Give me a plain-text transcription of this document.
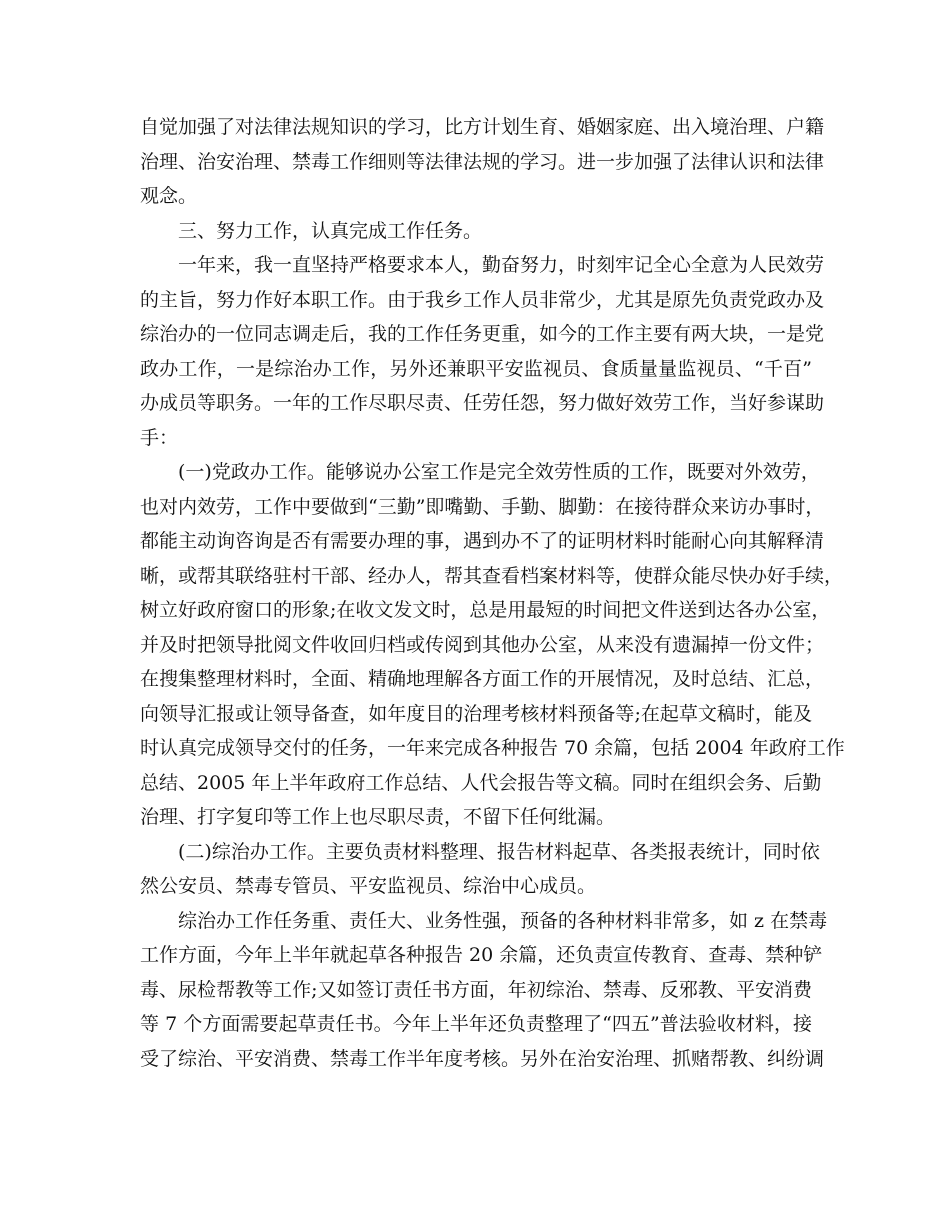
自觉加强了对法律法规知识的学习，比方计划生育、婚姻家庭、出入境治理、户籍
治理、治安治理、禁毒工作细则等法律法规的学习。进一步加强了法律认识和法律
观念。
三、努力工作，认真完成工作任务。
一年来，我一直坚持严格要求本人，勤奋努力，时刻牢记全心全意为人民效劳
的主旨，努力作好本职工作。由于我乡工作人员非常少，尤其是原先负责党政办及
综治办的一位同志调走后，我的工作任务更重，如今的工作主要有两大块，一是党
政办工作，一是综治办工作，另外还兼职平安监视员、食质量量监视员、“千百”
办成员等职务。一年的工作尽职尽责、任劳任怨，努力做好效劳工作，当好参谋助
手：
(一)党政办工作。能够说办公室工作是完全效劳性质的工作，既要对外效劳，
也对内效劳，工作中要做到“三勤”即嘴勤、手勤、脚勤：在接待群众来访办事时，
都能主动询咨询是否有需要办理的事，遇到办不了的证明材料时能耐心向其解释清
晰，或帮其联络驻村干部、经办人，帮其查看档案材料等，使群众能尽快办好手续，
树立好政府窗口的形象;在收文发文时，总是用最短的时间把文件送到达各办公室，
并及时把领导批阅文件收回归档或传阅到其他办公室，从来没有遗漏掉一份文件；
在搜集整理材料时，全面、精确地理解各方面工作的开展情况，及时总结、汇总，
向领导汇报或让领导备查，如年度目的治理考核材料预备等;在起草文稿时，能及
时认真完成领导交付的任务，一年来完成各种报告 70 余篇，包括 2004 年政府工作
总结、2005 年上半年政府工作总结、人代会报告等文稿。同时在组织会务、后勤
治理、打字复印等工作上也尽职尽责，不留下任何纰漏。
(二)综治办工作。主要负责材料整理、报告材料起草、各类报表统计，同时依
然公安员、禁毒专管员、平安监视员、综治中心成员。
综治办工作任务重、责任大、业务性强，预备的各种材料非常多，如 z 在禁毒
工作方面，今年上半年就起草各种报告 20 余篇，还负责宣传教育、查毒、禁种铲
毒、尿检帮教等工作;又如签订责任书方面，年初综治、禁毒、反邪教、平安消费
等 7 个方面需要起草责任书。今年上半年还负责整理了“四五”普法验收材料，接
受了综治、平安消费、禁毒工作半年度考核。另外在治安治理、抓赌帮教、纠纷调
